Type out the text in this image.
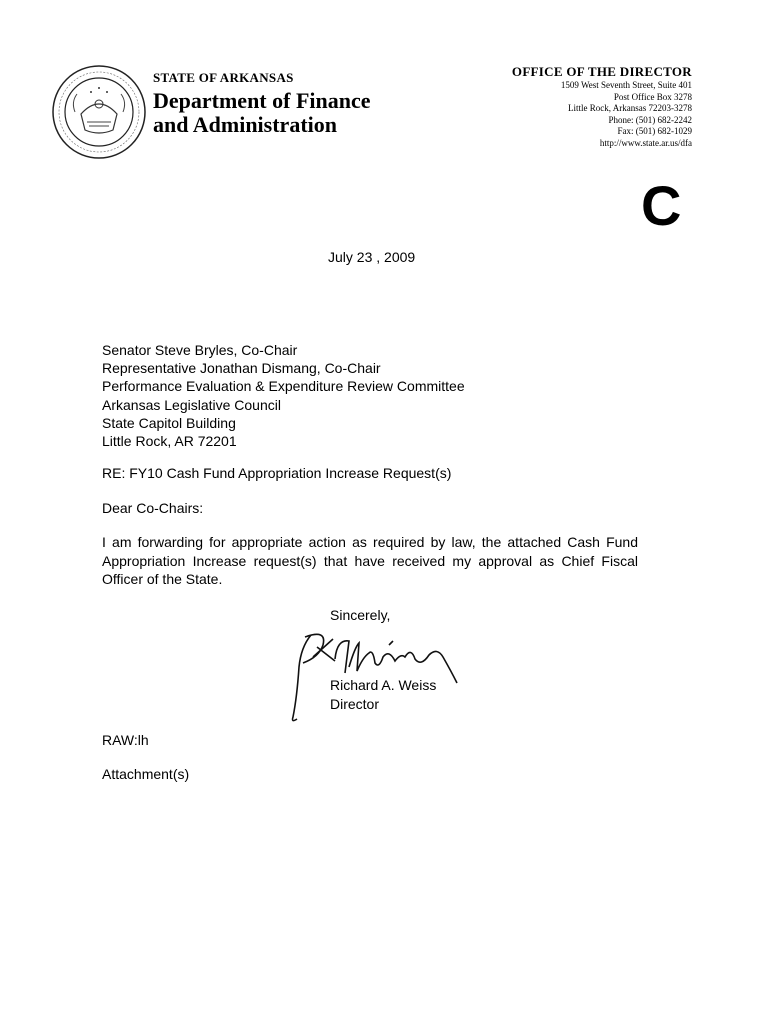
STATE OF ARKANSAS
Department of Finance
and Administration
OFFICE OF THE DIRECTOR
1509 West Seventh Street, Suite 401
Post Office Box 3278
Little Rock, Arkansas 72203-3278
Phone: (501) 682-2242
Fax: (501) 682-1029
http://www.state.ar.us/dfa
C
July 23 , 2009
Senator Steve Bryles, Co-Chair
Representative Jonathan Dismang, Co-Chair
Performance Evaluation & Expenditure Review Committee
Arkansas Legislative Council
State Capitol Building
Little Rock, AR 72201
RE: FY10 Cash Fund Appropriation Increase Request(s)
Dear Co-Chairs:
I am forwarding for appropriate action as required by law, the attached Cash Fund Appropriation Increase request(s) that have received my approval as Chief Fiscal Officer of the State.
Sincerely,
Richard A. Weiss
Director
RAW:lh
Attachment(s)
